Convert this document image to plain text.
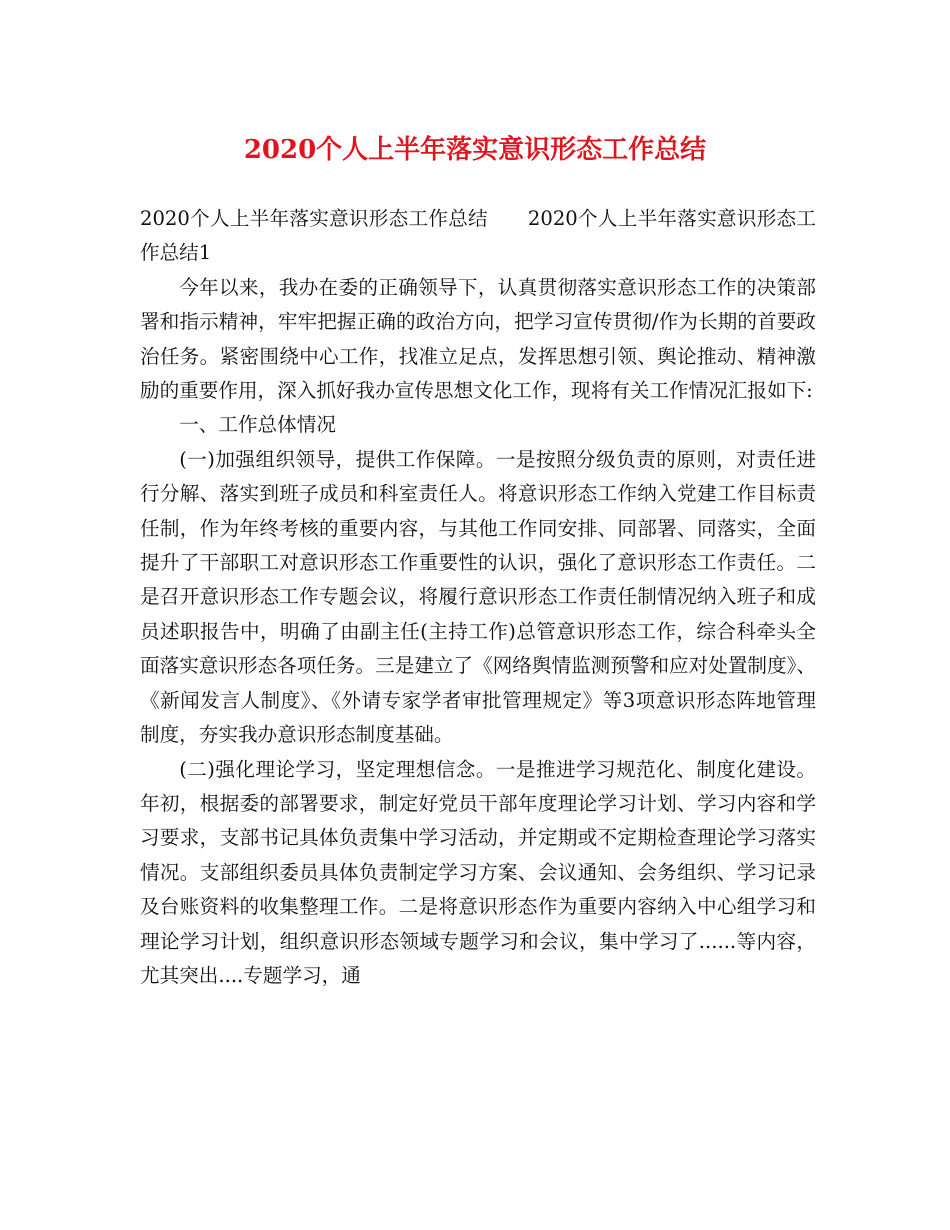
2020个人上半年落实意识形态工作总结

2020个人上半年落实意识形态工作总结 2020个人上半年落实意识形态工作总结1

今年以来，我办在委的正确领导下，认真贯彻落实意识形态工作的决策部署和指示精神，牢牢把握正确的政治方向，把学习宣传贯彻/作为长期的首要政治任务。紧密围绕中心工作，找准立足点，发挥思想引领、舆论推动、精神激励的重要作用，深入抓好我办宣传思想文化工作，现将有关工作情况汇报如下:

一、工作总体情况

(一)加强组织领导，提供工作保障。一是按照分级负责的原则，对责任进行分解、落实到班子成员和科室责任人。将意识形态工作纳入党建工作目标责任制，作为年终考核的重要内容，与其他工作同安排、同部署、同落实，全面提升了干部职工对意识形态工作重要性的认识，强化了意识形态工作责任。二是召开意识形态工作专题会议，将履行意识形态工作责任制情况纳入班子和成员述职报告中，明确了由副主任(主持工作)总管意识形态工作，综合科牵头全面落实意识形态各项任务。三是建立了《网络舆情监测预警和应对处置制度》、《新闻发言人制度》、《外请专家学者审批管理规定》等3项意识形态阵地管理制度，夯实我办意识形态制度基础。

(二)强化理论学习，坚定理想信念。一是推进学习规范化、制度化建设。年初，根据委的部署要求，制定好党员干部年度理论学习计划、学习内容和学习要求，支部书记具体负责集中学习活动，并定期或不定期检查理论学习落实情况。支部组织委员具体负责制定学习方案、会议通知、会务组织、学习记录及台账资料的收集整理工作。二是将意识形态作为重要内容纳入中心组学习和理论学习计划，组织意识形态领域专题学习和会议，集中学习了......等内容，尤其突出....专题学习，通
